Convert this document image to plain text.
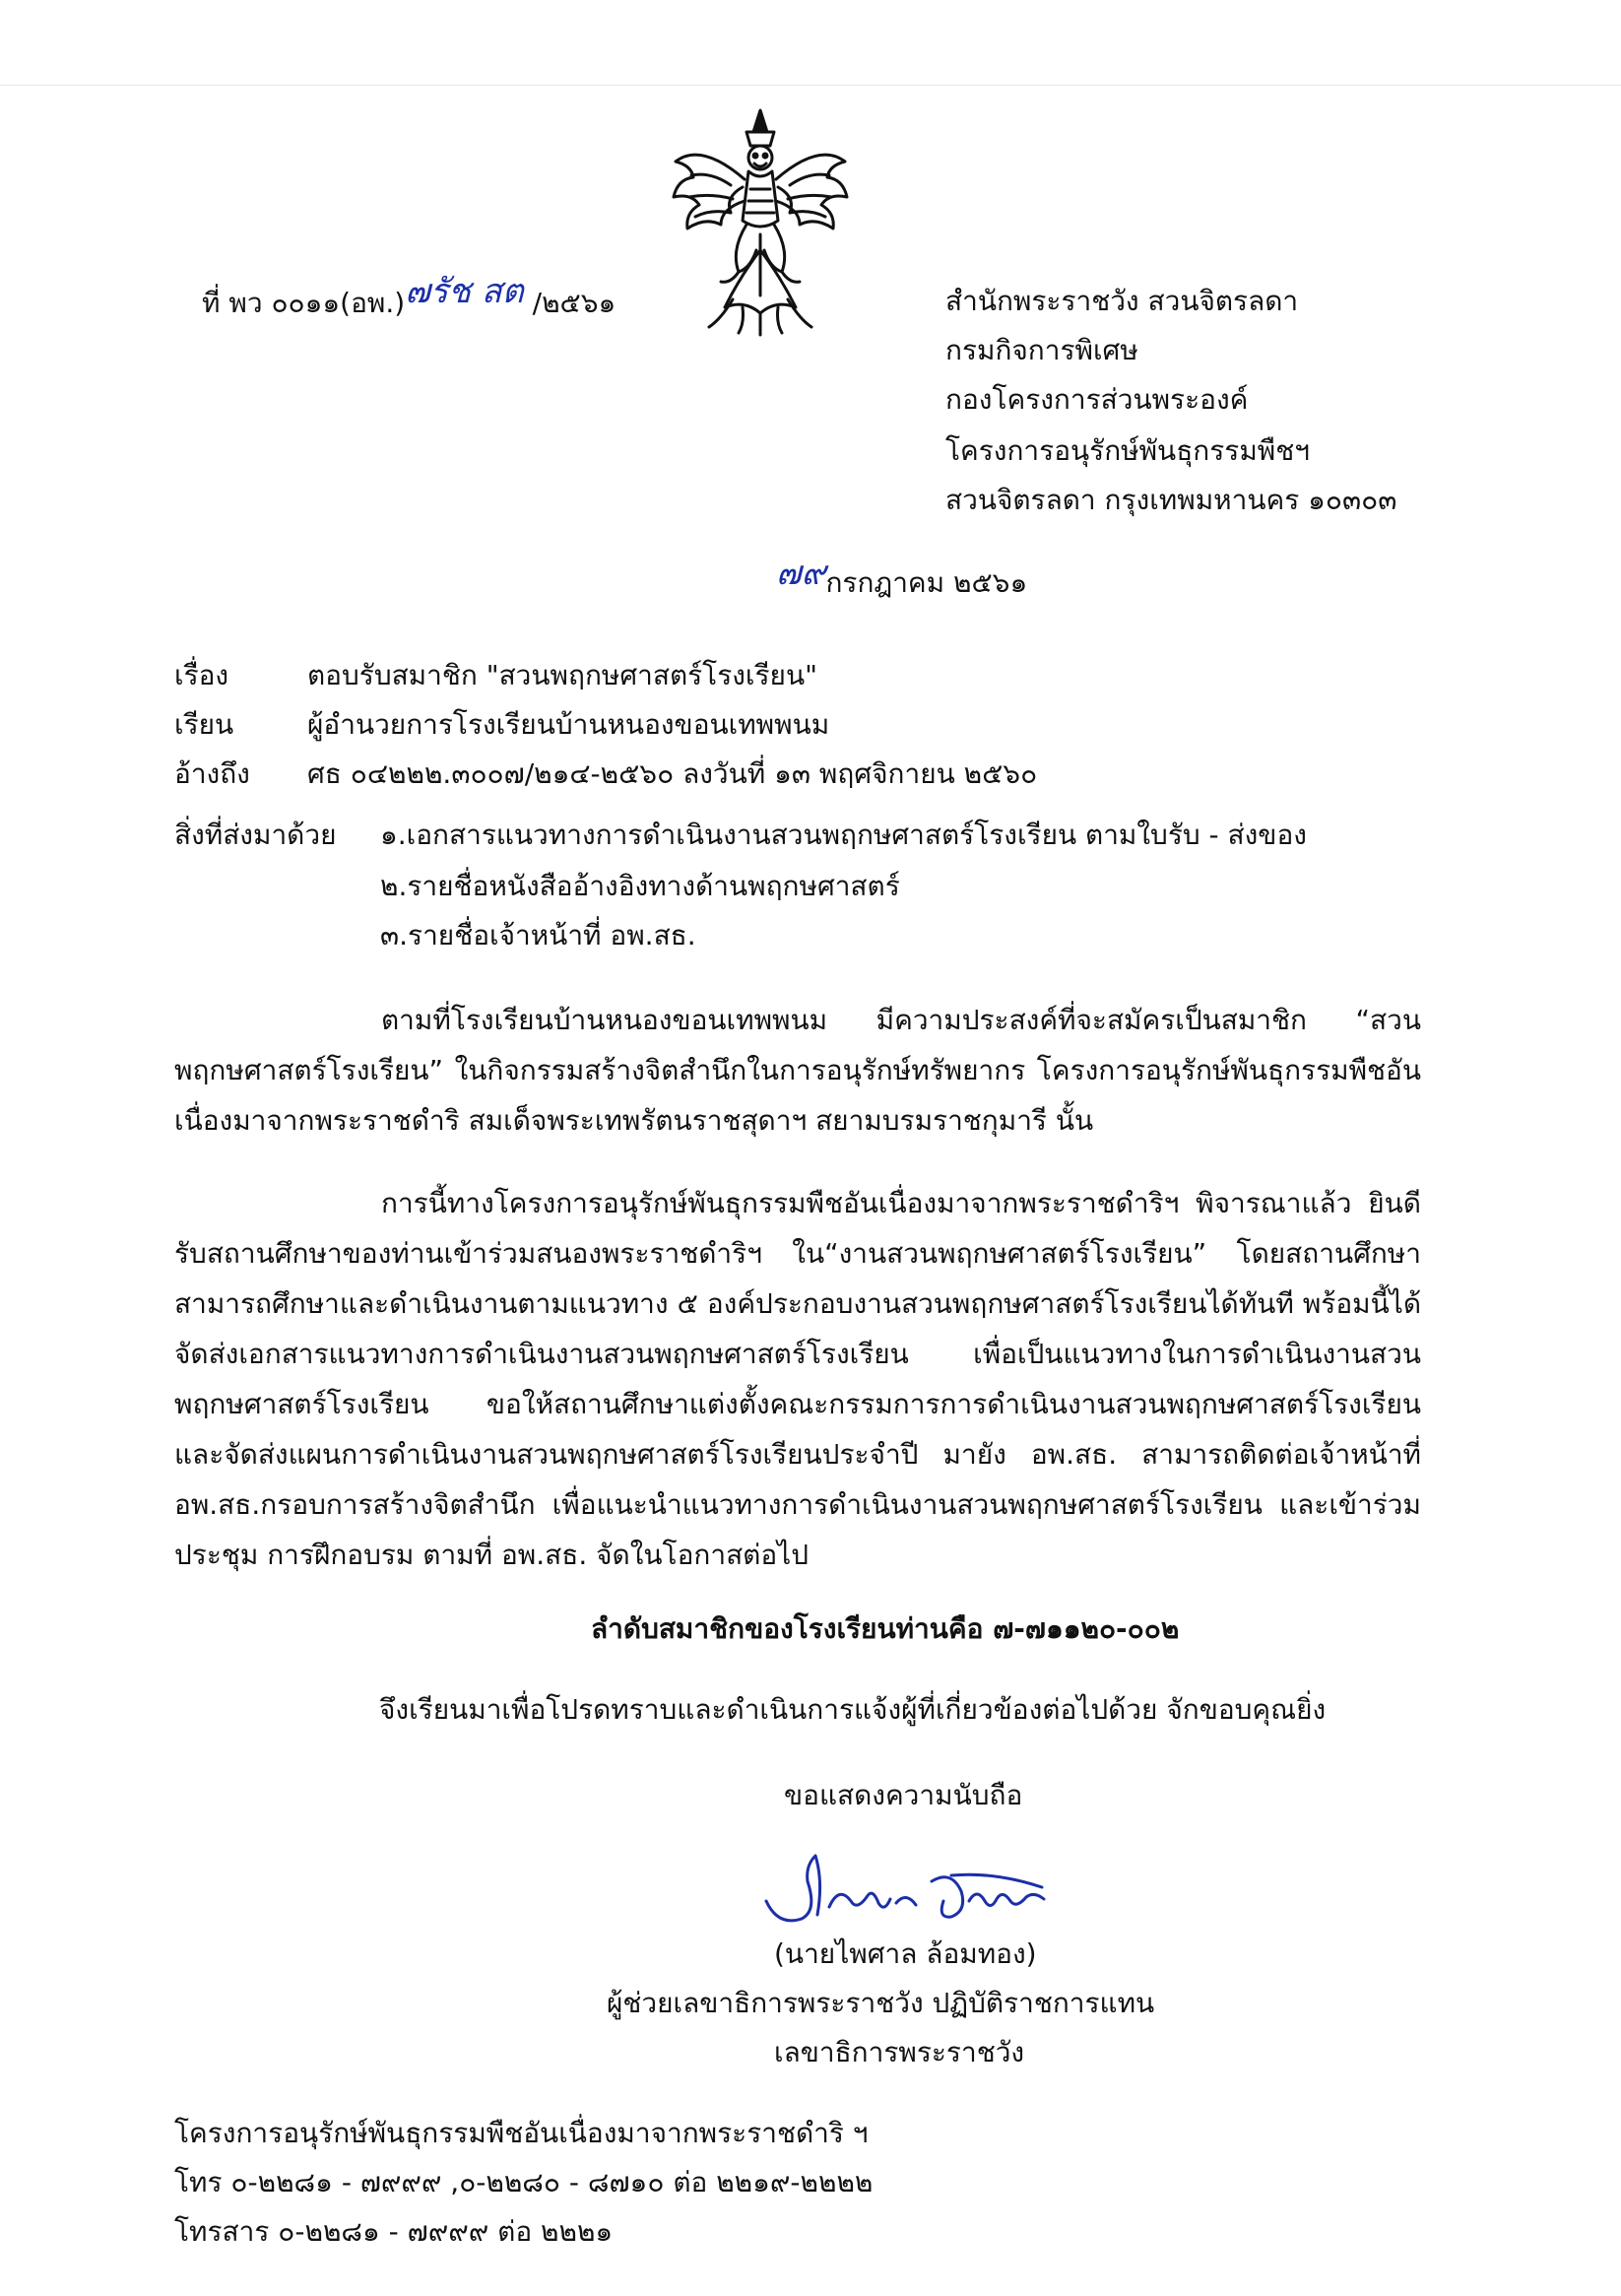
ที่ พว ๐๐๑๑(อพ.)๗รัช สต /๒๕๖๑	สำนักพระราชวัง สวนจิตรลดา
กรมกิจการพิเศษ
กองโครงการส่วนพระองค์
โครงการอนุรักษ์พันธุกรรมพืชฯ
สวนจิตรลดา กรุงเทพมหานคร ๑๐๓๐๓
๗๙กรกฎาคม ๒๕๖๑
เรื่อง	ตอบรับสมาชิก "สวนพฤกษศาสตร์โรงเรียน"
เรียน	ผู้อำนวยการโรงเรียนบ้านหนองขอนเทพพนม
อ้างถึง ศธ ๐๔๒๒๒.๓๐๐๗/๒๑๔-๒๕๖๐ ลงวันที่ ๑๓ พฤศจิกายน ๒๕๖๐
สิ่งที่ส่งมาด้วย ๑.เอกสารแนวทางการดำเนินงานสวนพฤกษศาสตร์โรงเรียน ตามใบรับ - ส่งของ
๒.รายชื่อหนังสืออ้างอิงทางด้านพฤกษศาสตร์
๓.รายชื่อเจ้าหน้าที่ อพ.สธ.
ตามที่โรงเรียนบ้านหนองขอนเทพพนม มีความประสงค์ที่จะสมัครเป็นสมาชิก “สวนพฤกษศาสตร์โรงเรียน” ในกิจกรรมสร้างจิตสำนึกในการอนุรักษ์ทรัพยากร โครงการอนุรักษ์พันธุกรรมพืชอันเนื่องมาจากพระราชดำริ สมเด็จพระเทพรัตนราชสุดาฯ สยามบรมราชกุมารี นั้น
การนี้ทางโครงการอนุรักษ์พันธุกรรมพืชอันเนื่องมาจากพระราชดำริฯ พิจารณาแล้ว ยินดีรับสถานศึกษาของท่านเข้าร่วมสนองพระราชดำริฯ ใน“งานสวนพฤกษศาสตร์โรงเรียน” โดยสถานศึกษาสามารถศึกษาและดำเนินงานตามแนวทาง ๕ องค์ประกอบงานสวนพฤกษศาสตร์โรงเรียนได้ทันที พร้อมนี้ได้จัดส่งเอกสารแนวทางการดำเนินงานสวนพฤกษศาสตร์โรงเรียน เพื่อเป็นแนวทางในการดำเนินงานสวนพฤกษศาสตร์โรงเรียน ขอให้สถานศึกษาแต่งตั้งคณะกรรมการการดำเนินงานสวนพฤกษศาสตร์โรงเรียน และจัดส่งแผนการดำเนินงานสวนพฤกษศาสตร์โรงเรียนประจำปี มายัง อพ.สธ. สามารถติดต่อเจ้าหน้าที่ อพ.สธ.กรอบการสร้างจิตสำนึก เพื่อแนะนำแนวทางการดำเนินงานสวนพฤกษศาสตร์โรงเรียน และเข้าร่วมประชุม การฝึกอบรม ตามที่ อพ.สธ. จัดในโอกาสต่อไป
ลำดับสมาชิกของโรงเรียนท่านคือ ๗-๗๑๑๒๐-๐๐๒
จึงเรียนมาเพื่อโปรดทราบและดำเนินการแจ้งผู้ที่เกี่ยวข้องต่อไปด้วย จักขอบคุณยิ่ง
ขอแสดงความนับถือ
(นายไพศาล ล้อมทอง)
ผู้ช่วยเลขาธิการพระราชวัง ปฏิบัติราชการแทน
เลขาธิการพระราชวัง
โครงการอนุรักษ์พันธุกรรมพืชอันเนื่องมาจากพระราชดำริ ฯ
โทร ๐-๒๒๘๑ - ๗๙๙๙ ,๐-๒๒๘๐ - ๘๗๑๐ ต่อ ๒๒๑๙-๒๒๒๒
โทรสาร ๐-๒๒๘๑ - ๗๙๙๙ ต่อ ๒๒๒๑
